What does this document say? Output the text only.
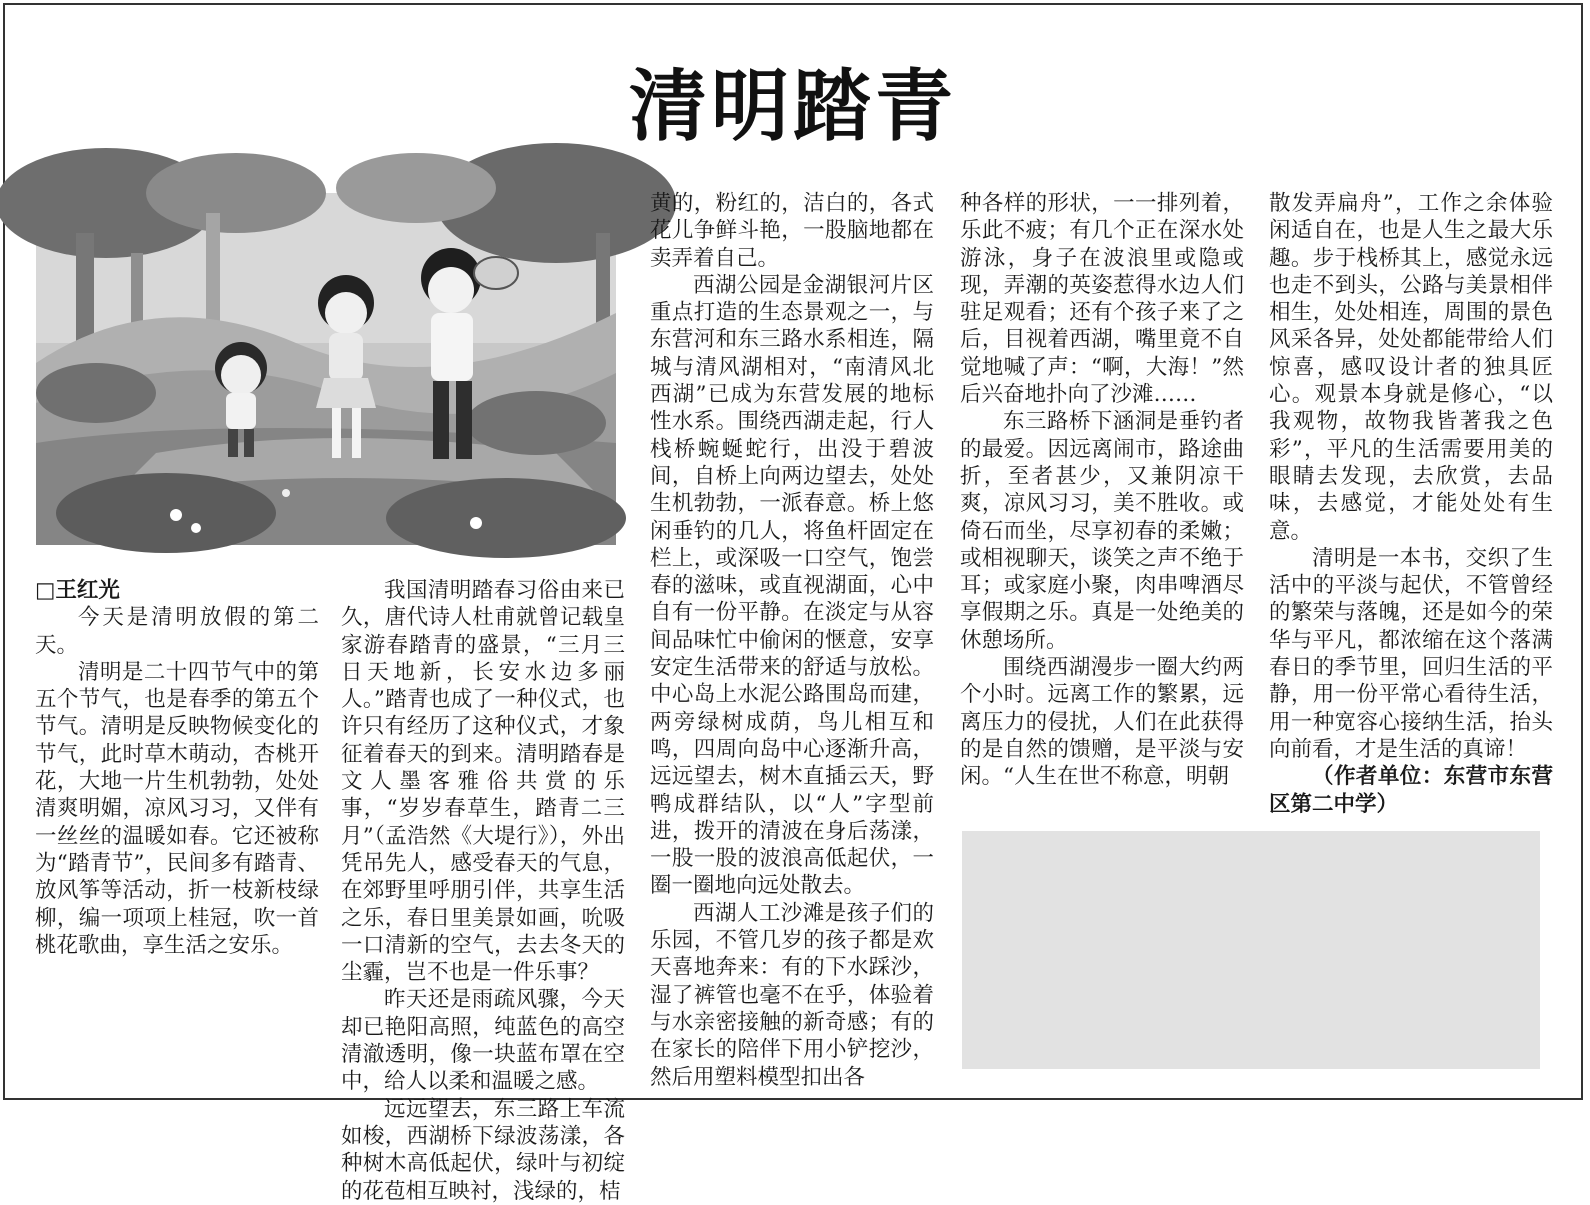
清明踏青

□王红光

今天是清明放假的第二天。

清明是二十四节气中的第五个节气，也是春季的第五个节气。清明是反映物候变化的节气，此时草木萌动，杏桃开花，大地一片生机勃勃，处处清爽明媚，凉风习习，又伴有一丝丝的温暖如春。它还被称为“踏青节”，民间多有踏青、放风筝等活动，折一枝新枝绿柳，编一项项上桂冠，吹一首桃花歌曲，享生活之安乐。

我国清明踏春习俗由来已久，唐代诗人杜甫就曾记载皇家游春踏青的盛景，“三月三日天地新，长安水边多丽人。”踏青也成了一种仪式，也许只有经历了这种仪式，才象征着春天的到来。清明踏春是文人墨客雅俗共赏的乐事，“岁岁春草生，踏青二三月”（孟浩然《大堤行》），外出凭吊先人，感受春天的气息，在郊野里呼朋引伴，共享生活之乐，春日里美景如画，吮吸一口清新的空气，去去冬天的尘霾，岂不也是一件乐事？

昨天还是雨疏风骤，今天却已艳阳高照，纯蓝色的高空清澈透明，像一块蓝布罩在空中，给人以柔和温暖之感。

远远望去，东三路上车流如梭，西湖桥下绿波荡漾，各种树木高低起伏，绿叶与初绽的花苞相互映衬，浅绿的，桔

黄的，粉红的，洁白的，各式花儿争鲜斗艳，一股脑地都在卖弄着自己。

西湖公园是金湖银河片区重点打造的生态景观之一，与东营河和东三路水系相连，隔城与清风湖相对，“南清风北西湖”已成为东营发展的地标性水系。围绕西湖走起，行人栈桥蜿蜒蛇行，出没于碧波间，自桥上向两边望去，处处生机勃勃，一派春意。桥上悠闲垂钓的几人，将鱼杆固定在栏上，或深吸一口空气，饱尝春的滋味，或直视湖面，心中自有一份平静。在淡定与从容间品味忙中偷闲的惬意，安享安定生活带来的舒适与放松。中心岛上水泥公路围岛而建，两旁绿树成荫，鸟儿相互和鸣，四周向岛中心逐渐升高，远远望去，树木直插云天，野鸭成群结队，以“人”字型前进，拨开的清波在身后荡漾，一股一股的波浪高低起伏，一圈一圈地向远处散去。

西湖人工沙滩是孩子们的乐园，不管几岁的孩子都是欢天喜地奔来：有的下水踩沙，湿了裤管也毫不在乎，体验着与水亲密接触的新奇感；有的在家长的陪伴下用小铲挖沙，然后用塑料模型扣出各

种各样的形状，一一排列着，乐此不疲；有几个正在深水处游泳，身子在波浪里或隐或现，弄潮的英姿惹得水边人们驻足观看；还有个孩子来了之后，目视着西湖，嘴里竟不自觉地喊了声：“啊，大海！”然后兴奋地扑向了沙滩……

东三路桥下涵洞是垂钓者的最爱。因远离闹市，路途曲折，至者甚少，又兼阴凉干爽，凉风习习，美不胜收。或倚石而坐，尽享初春的柔嫩；或相视聊天，谈笑之声不绝于耳；或家庭小聚，肉串啤酒尽享假期之乐。真是一处绝美的休憩场所。

围绕西湖漫步一圈大约两个小时。远离工作的繁累，远离压力的侵扰，人们在此获得的是自然的馈赠，是平淡与安闲。“人生在世不称意，明朝

散发弄扁舟”，工作之余体验闲适自在，也是人生之最大乐趣。步于栈桥其上，感觉永远也走不到头，公路与美景相伴相生，处处相连，周围的景色风采各异，处处都能带给人们惊喜，感叹设计者的独具匠心。观景本身就是修心，“以我观物，故物我皆著我之色彩”，平凡的生活需要用美的眼睛去发现，去欣赏，去品味，去感觉，才能处处有生意。

清明是一本书，交织了生活中的平淡与起伏，不管曾经的繁荣与落魄，还是如今的荣华与平凡，都浓缩在这个落满春日的季节里，回归生活的平静，用一份平常心看待生活，用一种宽容心接纳生活，抬头向前看，才是生活的真谛！

（作者单位：东营市东营区第二中学）
